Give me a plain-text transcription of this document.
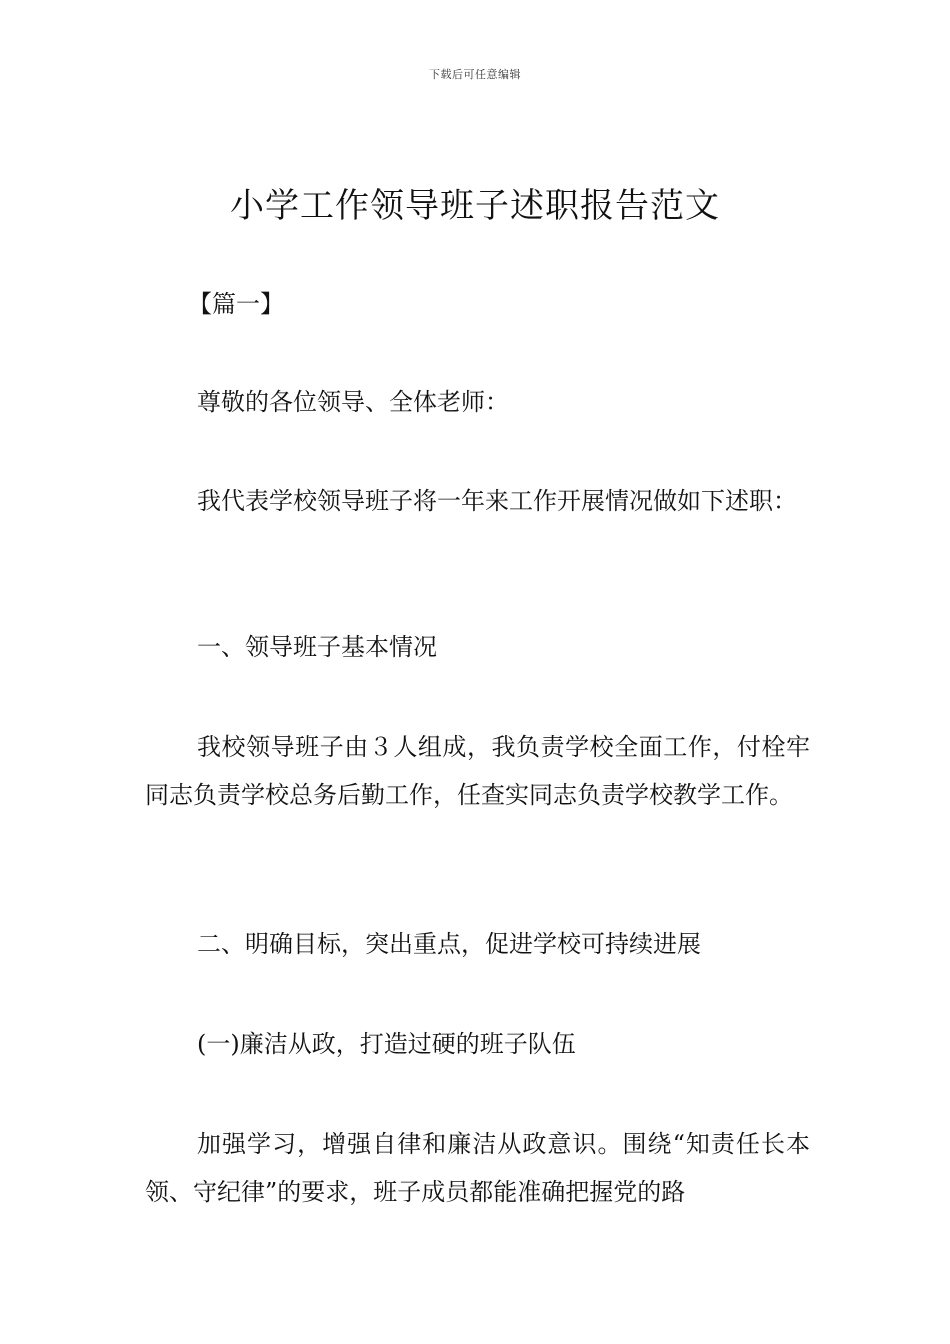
下载后可任意编辑
小学工作领导班子述职报告范文
【篇一】

尊敬的各位领导、全体老师：

我代表学校领导班子将一年来工作开展情况做如下述职：

一、领导班子基本情况

我校领导班子由３人组成，我负责学校全面工作，付栓牢同志负责学校总务后勤工作，任查实同志负责学校教学工作。

二、明确目标，突出重点，促进学校可持续进展

(一)廉洁从政，打造过硬的班子队伍

加强学习，增强自律和廉洁从政意识。围绕“知责任长本领、守纪律”的要求，班子成员都能准确把握党的路
